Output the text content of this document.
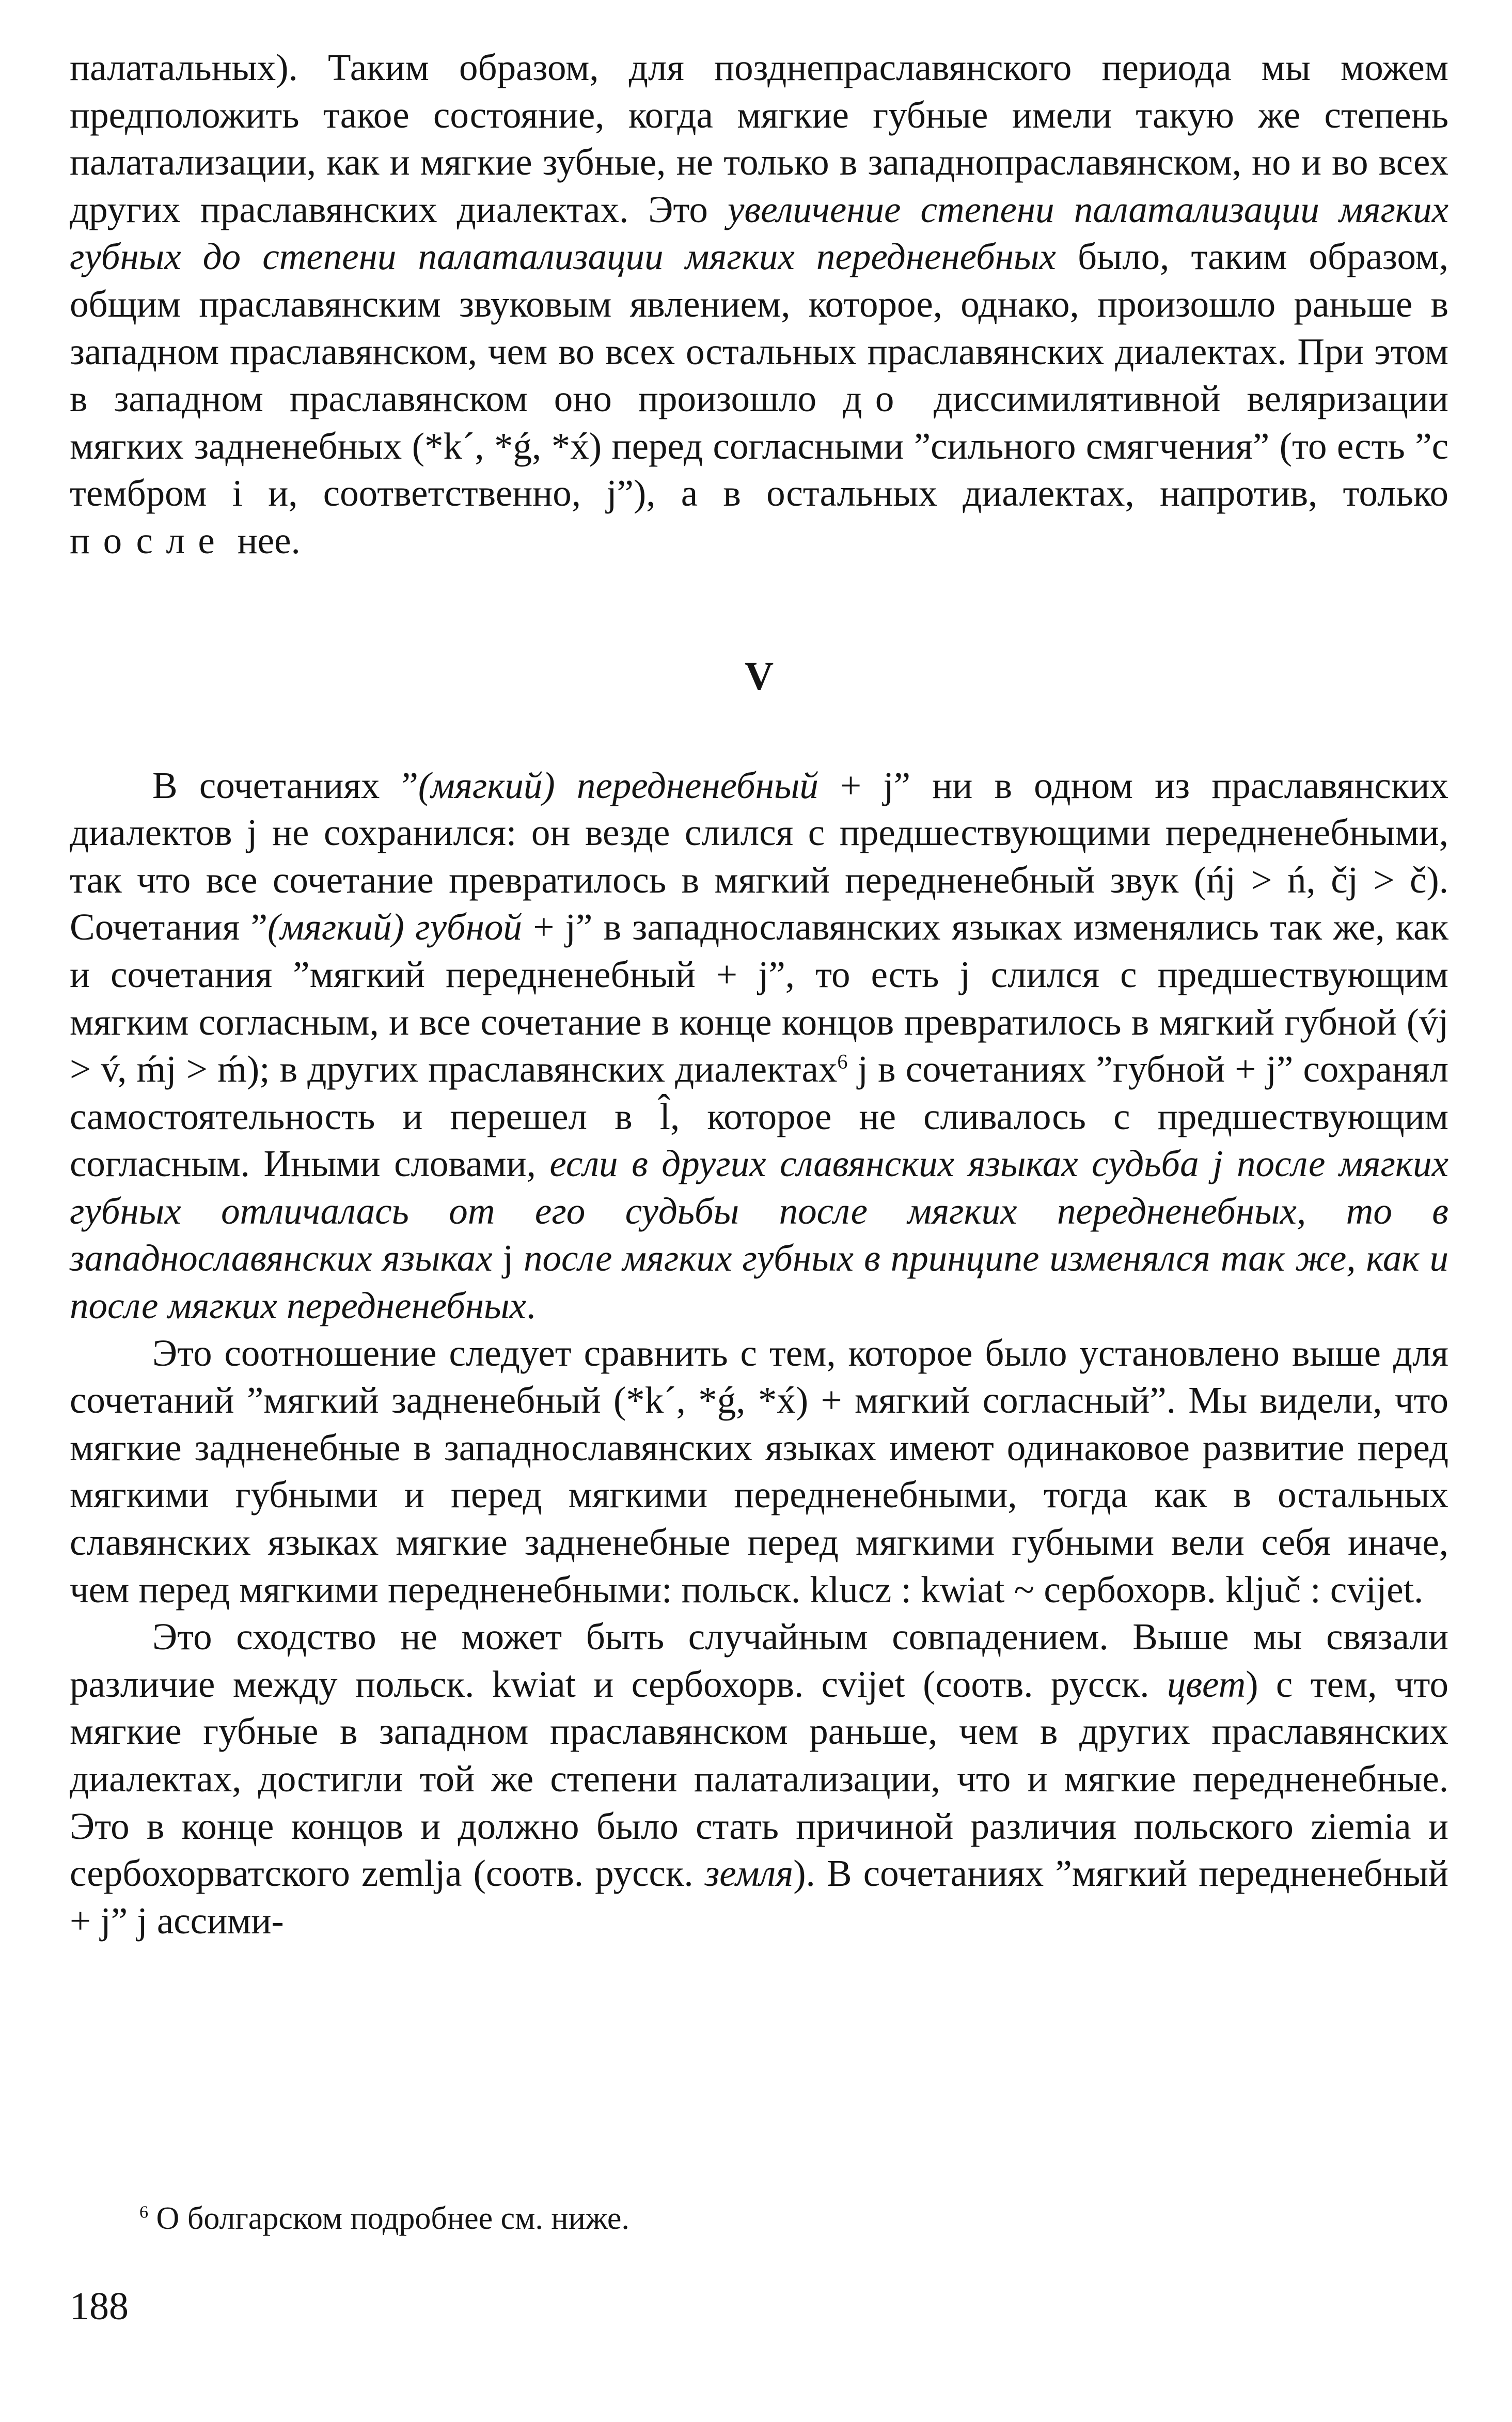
палатальных). Таким образом, для позднепраславянского периода мы можем предположить такое состояние, когда мягкие губные имели такую же степень палатализации, как и мягкие зубные, не только в западнопраславянском, но и во всех других праславянских диалектах. Это увеличение степени палатализации мягких губных до степени палатализации мягких передненебных было, таким образом, общим праславянским звуковым явлением, которое, однако, произошло раньше в западном праславянском, чем во всех остальных праславянских диалектах. При этом в западном праславянском оно произошло до диссимилятивной веляризации мягких задненебных (*k´, *ǵ, *x́) перед согласными ”сильного смягчения” (то есть ”с тембром i и, соответственно, j”), а в остальных диалектах, напротив, только после нее.

V

В сочетаниях ”(мягкий) передненебный + j” ни в одном из праславянских диалектов j не сохранился: он везде слился с предшествующими передненебными, так что все сочетание превратилось в мягкий передненебный звук (ńj > ń, čj > č). Сочетания ”(мягкий) губной + j” в западнославянских языках изменялись так же, как и сочетания ”мягкий передненебный + j”, то есть j слился с предшествующим мягким согласным, и все сочетание в конце концов превратилось в мягкий губной (v́j > v́, ḿj > ḿ); в других праславянских диалектах$^6$ j в сочетаниях ”губной + j” сохранял самостоятельность и перешел в l̂, которое не сливалось с предшествующим согласным. Иными словами, если в других славянских языках судьба j после мягких губных отличалась от его судьбы после мягких передненебных, то в западнославянских языках j после мягких губных в принципе изменялся так же, как и после мягких передненебных.

Это соотношение следует сравнить с тем, которое было установлено выше для сочетаний ”мягкий задненебный (*k´, *ǵ, *x́) + мягкий согласный”. Мы видели, что мягкие задненебные в западнославянских языках имеют одинаковое развитие перед мягкими губными и перед мягкими передненебными, тогда как в остальных славянских языках мягкие задненебные перед мягкими губными вели себя иначе, чем перед мягкими передненебными: польск. klucz : kwiat ~ сербохорв. ključ : cvijet.

Это сходство не может быть случайным совпадением. Выше мы связали различие между польск. kwiat и сербохорв. cvijet (соотв. русск. цвет) с тем, что мягкие губные в западном праславянском раньше, чем в других праславянских диалектах, достигли той же степени палатализации, что и мягкие передненебные. Это в конце концов и должно было стать причиной различия польского ziemia и сербохорватского zemlja (соотв. русск. земля). В сочетаниях ”мягкий передненебный + j” j ассими-

$^6$ О болгарском подробнее см. ниже.
188
